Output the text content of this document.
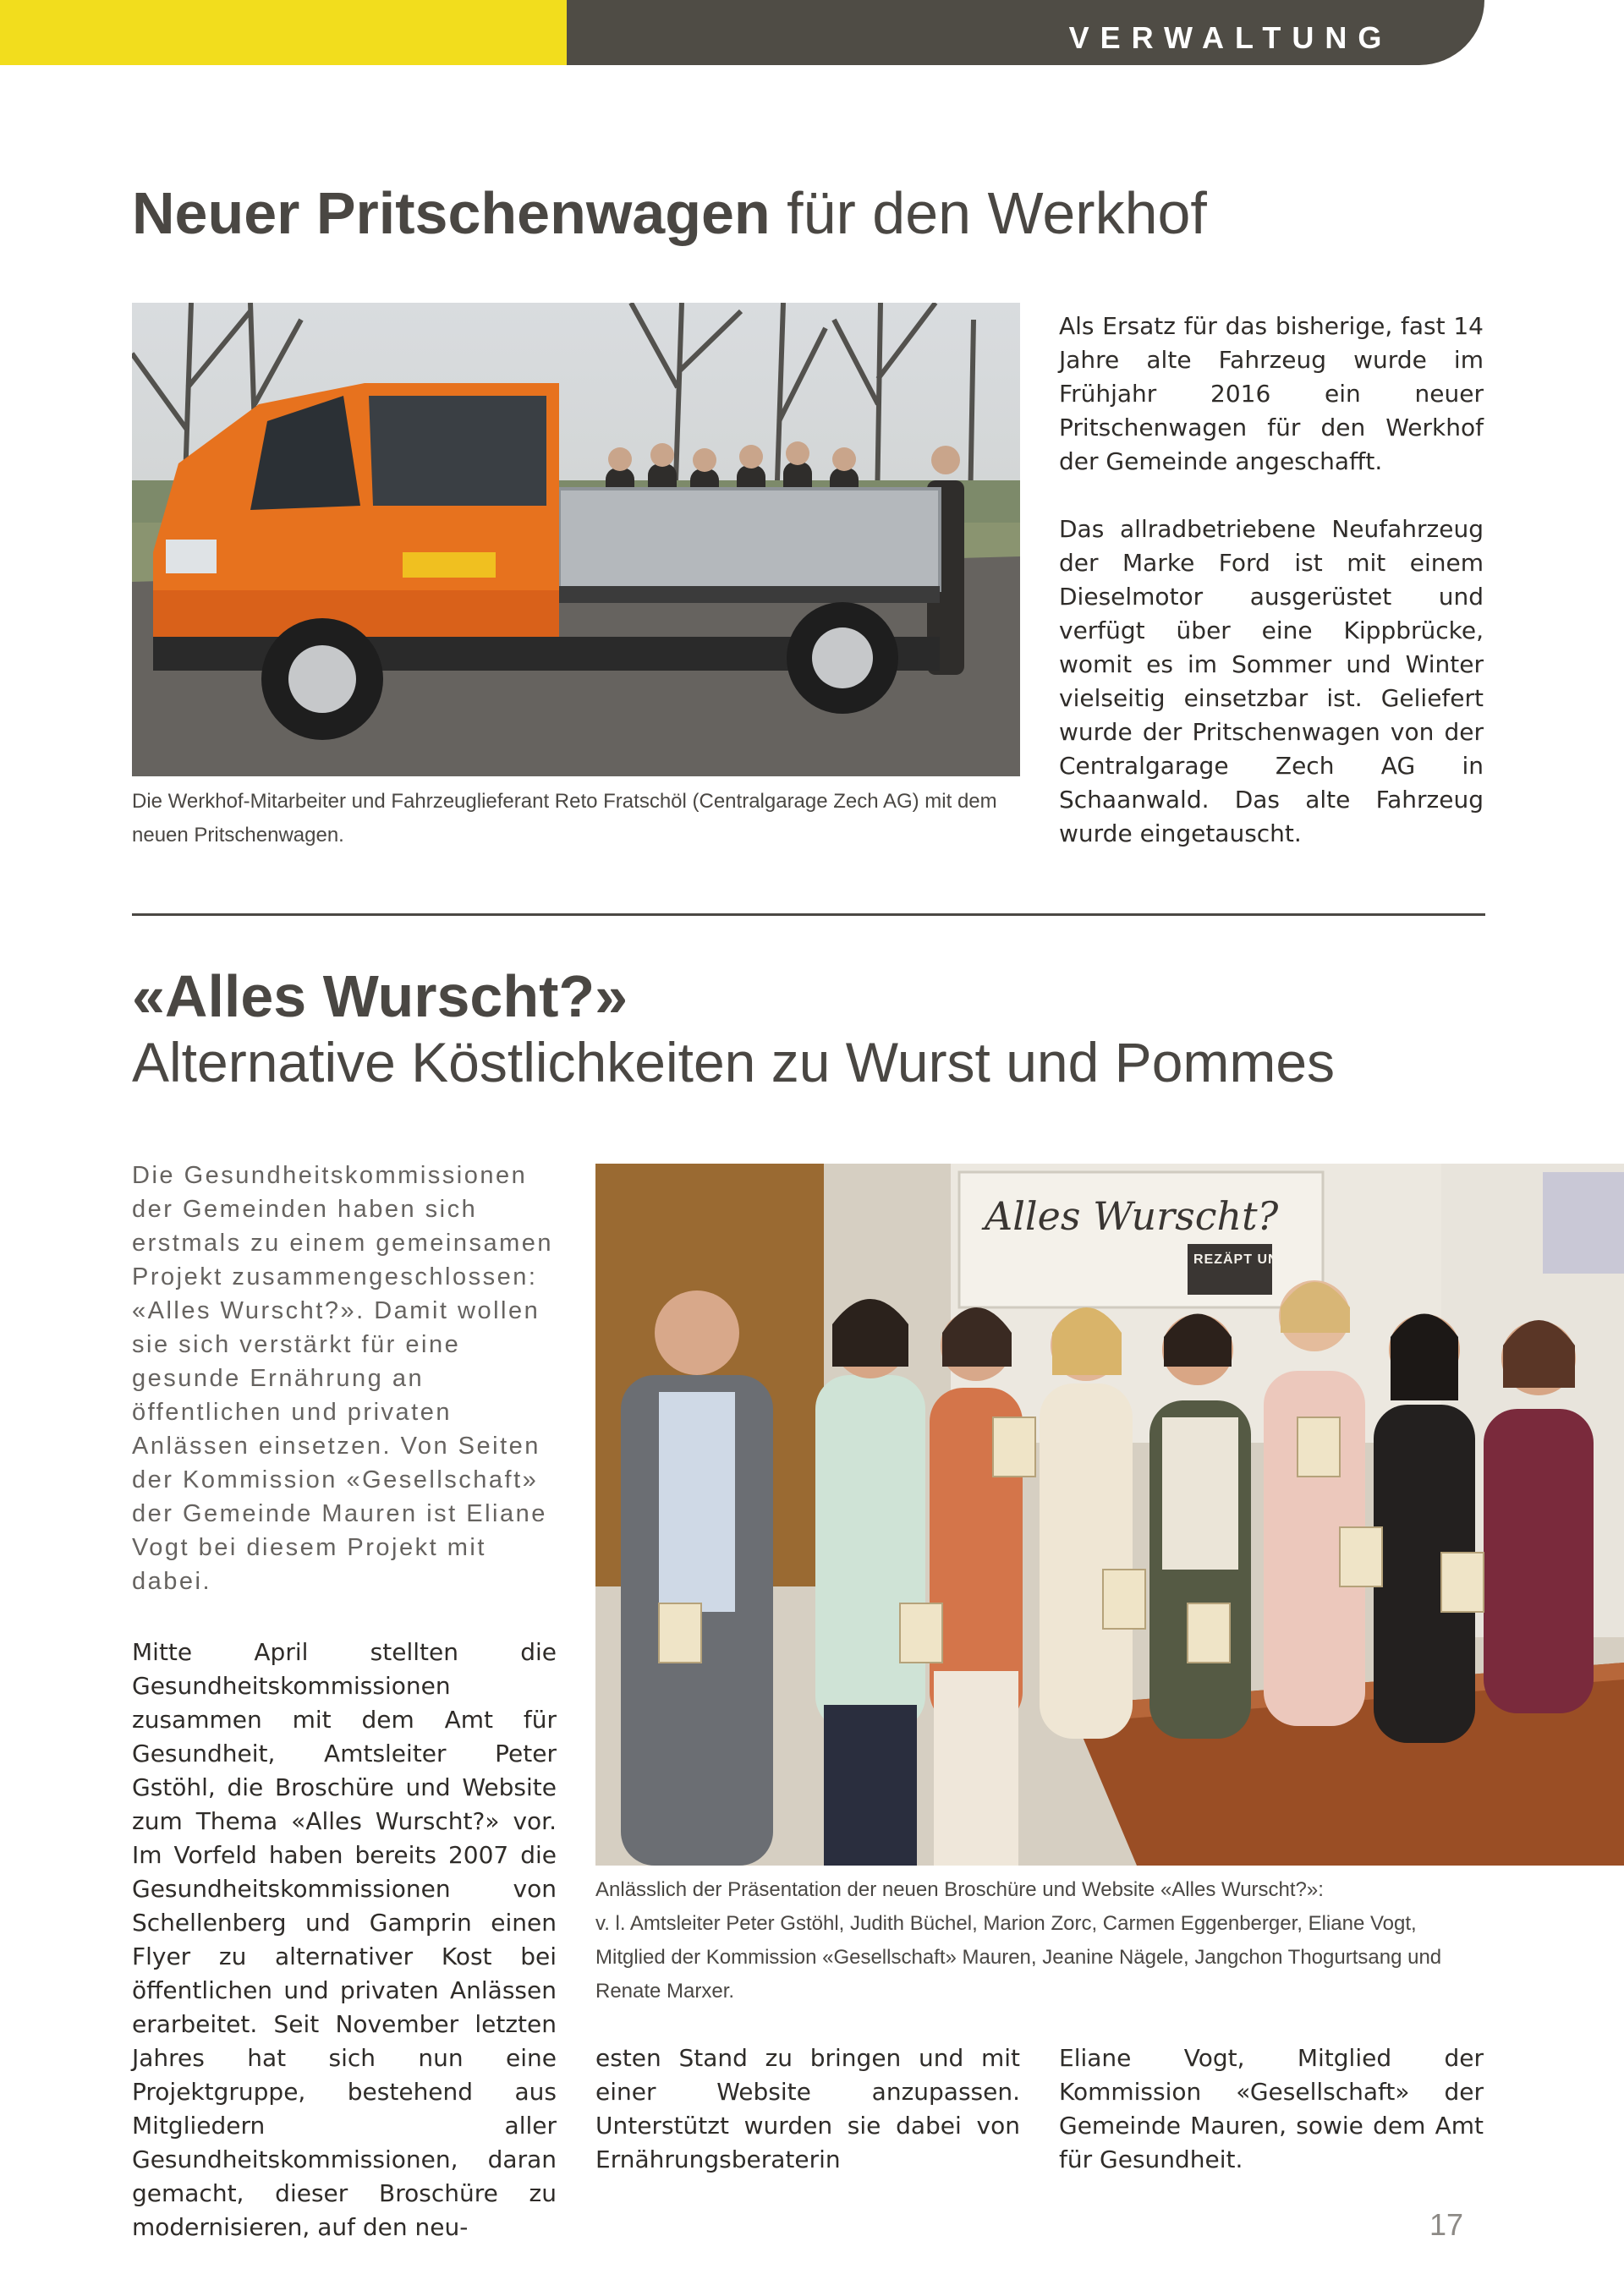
VERWALTUNG
Neuer Pritschenwagen für den Werkhof
Die Werkhof-Mitarbeiter und Fahrzeuglieferant Reto Fratschöl (Centralgarage Zech AG) mit dem neuen Pritschenwagen.

Als Ersatz für das bisherige, fast 14 Jahre alte Fahrzeug wurde im Frühjahr 2016 ein neuer Pritschenwagen für den Werkhof der Gemeinde angeschafft.

Das allradbetriebene Neufahrzeug der Marke Ford ist mit einem Dieselmotor ausgerüstet und verfügt über eine Kippbrücke, womit es im Sommer und Winter vielseitig einsetzbar ist. Geliefert wurde der Pritschenwagen von der Centralgarage Zech AG in Schaanwald. Das alte Fahrzeug wurde eingetauscht.

«Alles Wurscht?»
Alternative Köstlichkeiten zu Wurst und Pommes
Die Gesundheitskommissionen der Gemeinden haben sich erstmals zu einem gemeinsamen Projekt zusammengeschlossen: «Alles Wurscht?». Damit wollen sie sich verstärkt für eine gesunde Ernährung an öffentlichen und privaten Anlässen einsetzen. Von Seiten der Kommission «Gesellschaft» der Gemeinde Mauren ist Eliane Vogt bei diesem Projekt mit dabei.
Alles Wurscht?
REZÄPT UNTER
Anlässlich der Präsentation der neuen Broschüre und Website «Alles Wurscht?»:
v. l. Amtsleiter Peter Gstöhl, Judith Büchel, Marion Zorc, Carmen Eggenberger, Eliane Vogt, Mitglied der Kommission «Gesellschaft» Mauren, Jeanine Nägele, Jangchon Thogurtsang und Renate Marxer.
Mitte April stellten die Gesundheitskommissionen zusammen mit dem Amt für Gesundheit, Amtsleiter Peter Gstöhl, die Broschüre und Website zum Thema «Alles Wurscht?» vor. Im Vorfeld haben bereits 2007 die Gesundheitskommissionen von Schellenberg und Gamprin einen Flyer zu alternativer Kost bei öffentlichen und privaten Anlässen erarbeitet. Seit November letzten Jahres hat sich nun eine Projektgruppe, bestehend aus Mitgliedern aller Gesundheitskommissionen, daran gemacht, dieser Broschüre zu modernisieren, auf den neu-
esten Stand zu bringen und mit einer Website anzupassen. Unterstützt wurden sie dabei von Ernährungsberaterin
Eliane Vogt, Mitglied der Kommission «Gesellschaft» der Gemeinde Mauren, sowie dem Amt für Gesundheit.
17
